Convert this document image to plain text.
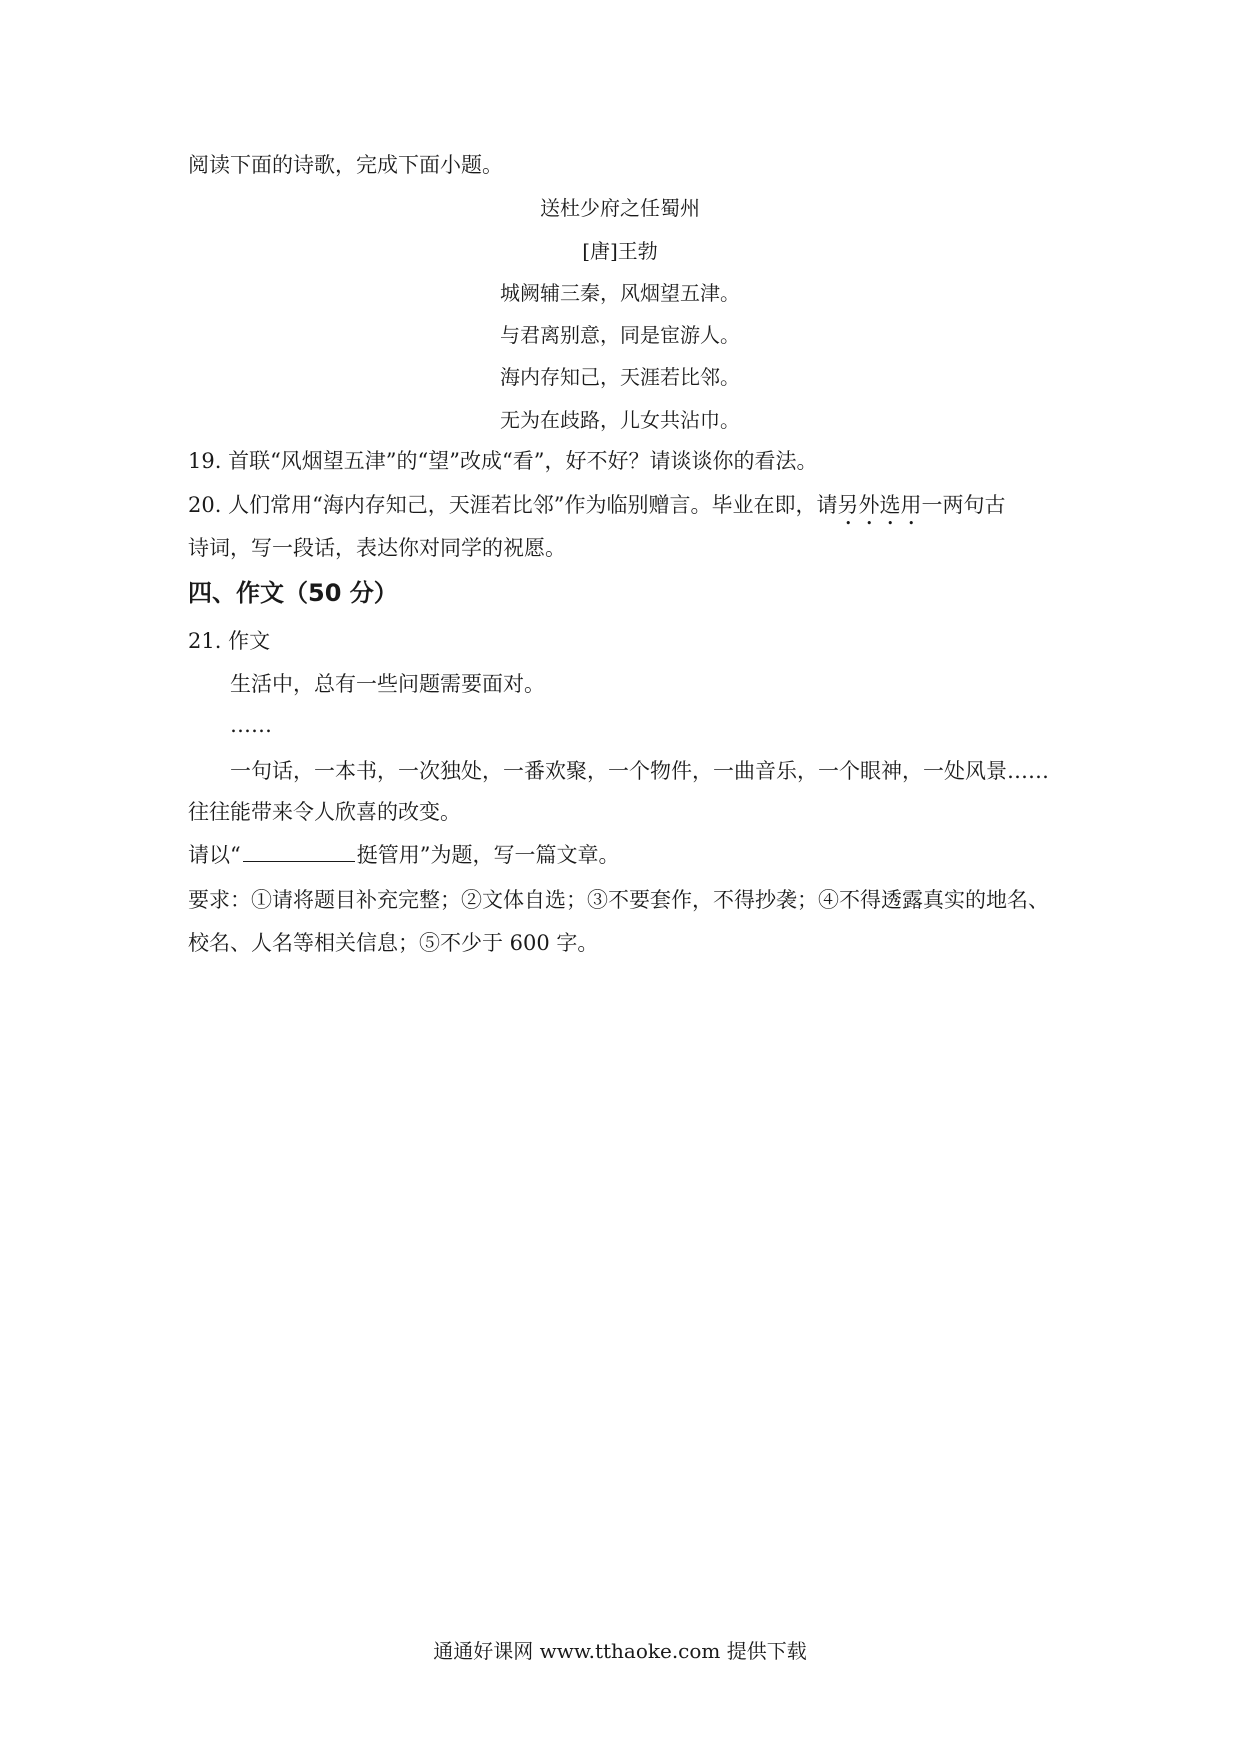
阅读下面的诗歌，完成下面小题。
送杜少府之任蜀州
[唐]王勃
城阙辅三秦，风烟望五津。
与君离别意，同是宦游人。
海内存知己，天涯若比邻。
无为在歧路，儿女共沾巾。
19. 首联“风烟望五津”的“望”改成“看”，好不好？请谈谈你的看法。
20. 人们常用“海内存知己，天涯若比邻”作为临别赠言。毕业在即，请另外选用一两句古
诗词，写一段话，表达你对同学的祝愿。
四、作文（50 分）
21. 作文
生活中，总有一些问题需要面对。
……
一句话，一本书，一次独处，一番欢聚，一个物件，一曲音乐，一个眼神，一处风景……
往往能带来令人欣喜的改变。
请以“	挺管用”为题，写一篇文章。
要求：①请将题目补充完整；②文体自选；③不要套作，不得抄袭；④不得透露真实的地名、
校名、人名等相关信息；⑤不少于 600 字。
通通好课网 www.tthaoke.com 提供下载
